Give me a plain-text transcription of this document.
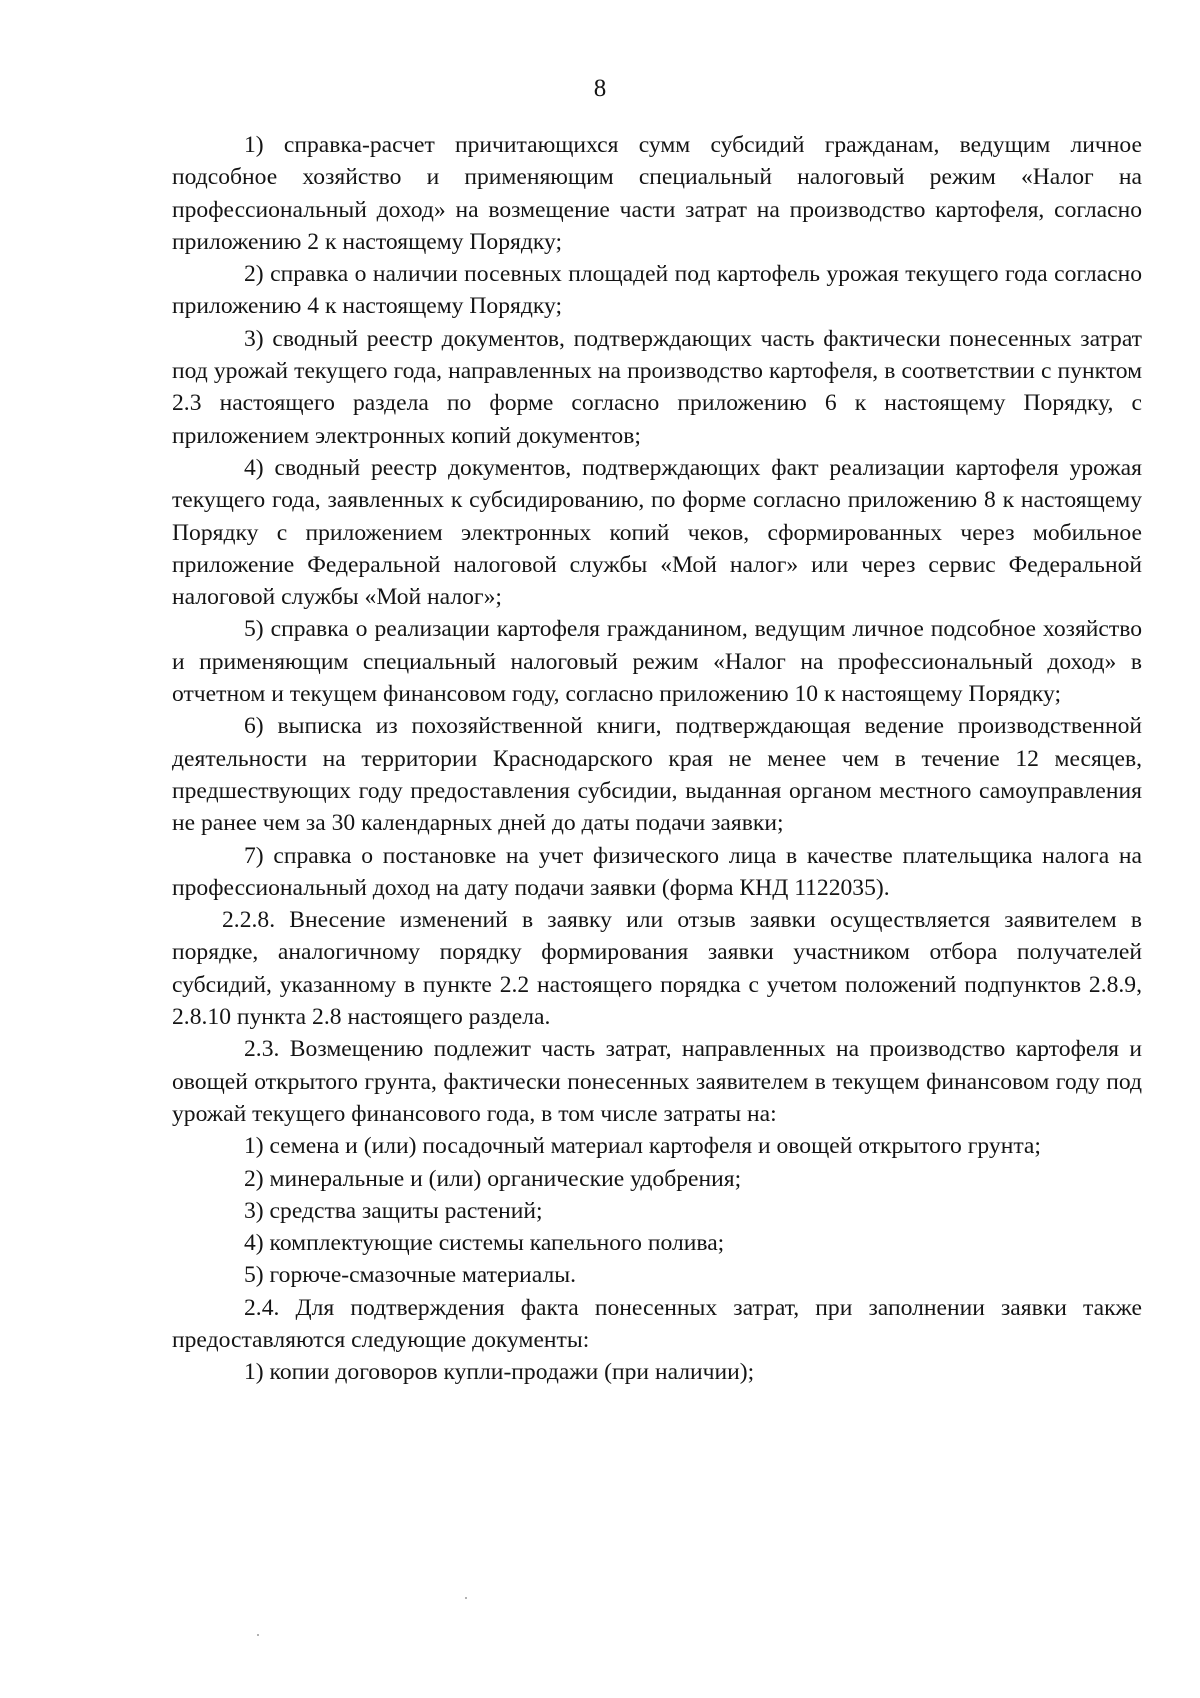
8

1) справка-расчет причитающихся сумм субсидий гражданам, ведущим личное подсобное хозяйство и применяющим специальный налоговый режим «Налог на профессиональный доход» на возмещение части затрат на производство картофеля, согласно приложению 2 к настоящему Порядку;

2) справка о наличии посевных площадей под картофель урожая текущего года согласно приложению 4 к настоящему Порядку;

3) сводный реестр документов, подтверждающих часть фактически понесенных затрат под урожай текущего года, направленных на производство картофеля, в соответствии с пунктом 2.3 настоящего раздела по форме согласно приложению 6 к настоящему Порядку, с приложением электронных копий документов;

4) сводный реестр документов, подтверждающих факт реализации картофеля урожая текущего года, заявленных к субсидированию, по форме согласно приложению 8 к настоящему Порядку с приложением электронных копий чеков, сформированных через мобильное приложение Федеральной налоговой службы «Мой налог» или через сервис Федеральной налоговой службы «Мой налог»;

5) справка о реализации картофеля гражданином, ведущим личное подсобное хозяйство и применяющим специальный налоговый режим «Налог на профессиональный доход» в отчетном и текущем финансовом году, согласно приложению 10 к настоящему Порядку;

6) выписка из похозяйственной книги, подтверждающая ведение производственной деятельности на территории Краснодарского края не менее чем в течение 12 месяцев, предшествующих году предоставления субсидии, выданная органом местного самоуправления не ранее чем за 30 календарных дней до даты подачи заявки;

7) справка о постановке на учет физического лица в качестве плательщика налога на профессиональный доход на дату подачи заявки (форма КНД 1122035).

2.2.8. Внесение изменений в заявку или отзыв заявки осуществляется заявителем в порядке, аналогичному порядку формирования заявки участником отбора получателей субсидий, указанному в пункте 2.2 настоящего порядка с учетом положений подпунктов 2.8.9, 2.8.10 пункта 2.8 настоящего раздела.

2.3. Возмещению подлежит часть затрат, направленных на производство картофеля и овощей открытого грунта, фактически понесенных заявителем в текущем финансовом году под урожай текущего финансового года, в том числе затраты на:

1) семена и (или) посадочный материал картофеля и овощей открытого грунта;

2) минеральные и (или) органические удобрения;

3) средства защиты растений;

4) комплектующие системы капельного полива;

5) горюче-смазочные материалы.

2.4. Для подтверждения факта понесенных затрат, при заполнении заявки также предоставляются следующие документы:

1) копии договоров купли-продажи (при наличии);
